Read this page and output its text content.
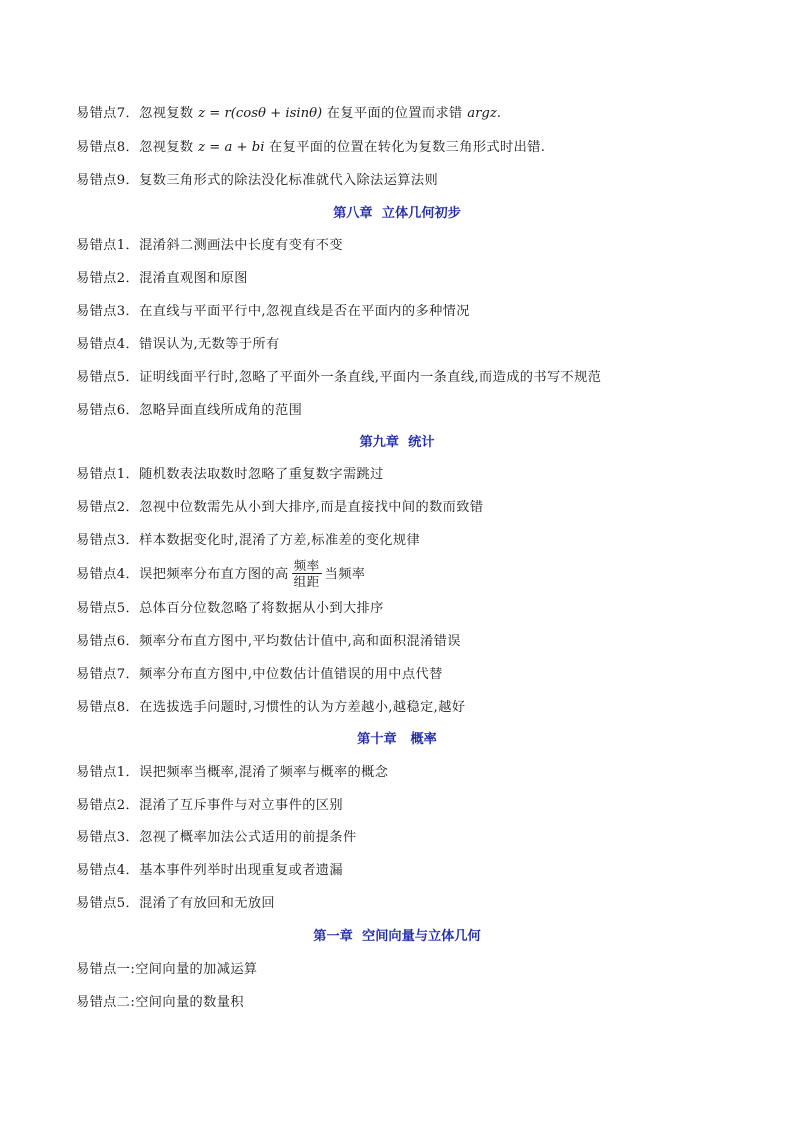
易错点7．忽视复数 z = r(cosθ + isinθ) 在复平面的位置而求错 argz.
易错点8．忽视复数 z = a + bi 在复平面的位置在转化为复数三角形式时出错.
易错点9．复数三角形式的除法没化标准就代入除法运算法则
第八章  立体几何初步
易错点1．混淆斜二测画法中长度有变有不变
易错点2．混淆直观图和原图
易错点3．在直线与平面平行中,忽视直线是否在平面内的多种情况
易错点4．错误认为,无数等于所有
易错点5．证明线面平行时,忽略了平面外一条直线,平面内一条直线,而造成的书写不规范
易错点6．忽略异面直线所成角的范围
第九章  统计
易错点1．随机数表法取数时忽略了重复数字需跳过
易错点2．忽视中位数需先从小到大排序,而是直接找中间的数而致错
易错点3．样本数据变化时,混淆了方差,标准差的变化规律
易错点4．误把频率分布直方图的高 $\frac{\text{频率}}{\text{组距}}$ 当频率
易错点5．总体百分位数忽略了将数据从小到大排序
易错点6．频率分布直方图中,平均数估计值中,高和面积混淆错误
易错点7．频率分布直方图中,中位数估计值错误的用中点代替
易错点8．在选拔选手问题时,习惯性的认为方差越小,越稳定,越好
第十章   概率
易错点1．误把频率当概率,混淆了频率与概率的概念
易错点2．混淆了互斥事件与对立事件的区别
易错点3．忽视了概率加法公式适用的前提条件
易错点4．基本事件列举时出现重复或者遗漏
易错点5．混淆了有放回和无放回
第一章  空间向量与立体几何
易错点一:空间向量的加减运算
易错点二:空间向量的数量积
